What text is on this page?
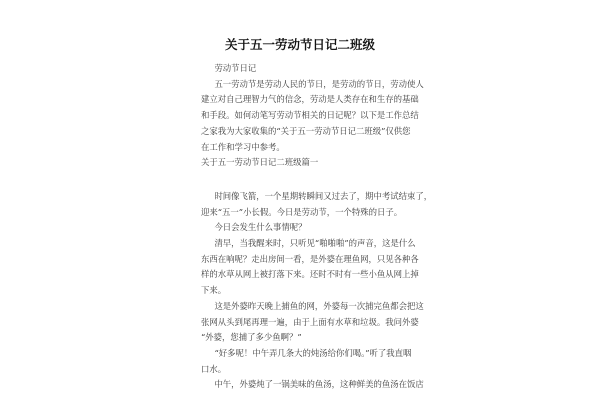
关于五一劳动节日记二班级

劳动节日记

五一劳动节是劳动人民的节日，是劳动的节日，劳动使人

建立对自己理智力气的信念，劳动是人类存在和生存的基础

和手段。如何动笔写劳动节相关的日记呢？以下是工作总结

之家我为大家收集的“关于五一劳动节日记二班级”仅供您

在工作和学习中参考。

关于五一劳动节日记二班级篇一

时间像飞箭，一个星期转瞬间又过去了，期中考试结束了，

迎来“五一”小长假。今日是劳动节，一个特殊的日子。

今日会发生什么事情呢？

清早，当我醒来时，只听见“啪啪啪”的声音，这是什么

东西在响呢？走出房间一看，是外婆在理鱼网，只见各种各

样的水草从网上被打落下来。还时不时有一些小鱼从网上掉

下来。

这是外婆昨天晚上捕鱼的网，外婆每一次捕完鱼都会把这

张网从头到尾再理一遍，由于上面有水草和垃圾。我问外婆

“外婆，您捕了多少鱼啊？”

“好多呢！中午弄几条大的炖汤给你们喝。”听了我直咽

口水。

中午，外婆炖了一锅美味的鱼汤，这种鲜美的鱼汤在饭店
